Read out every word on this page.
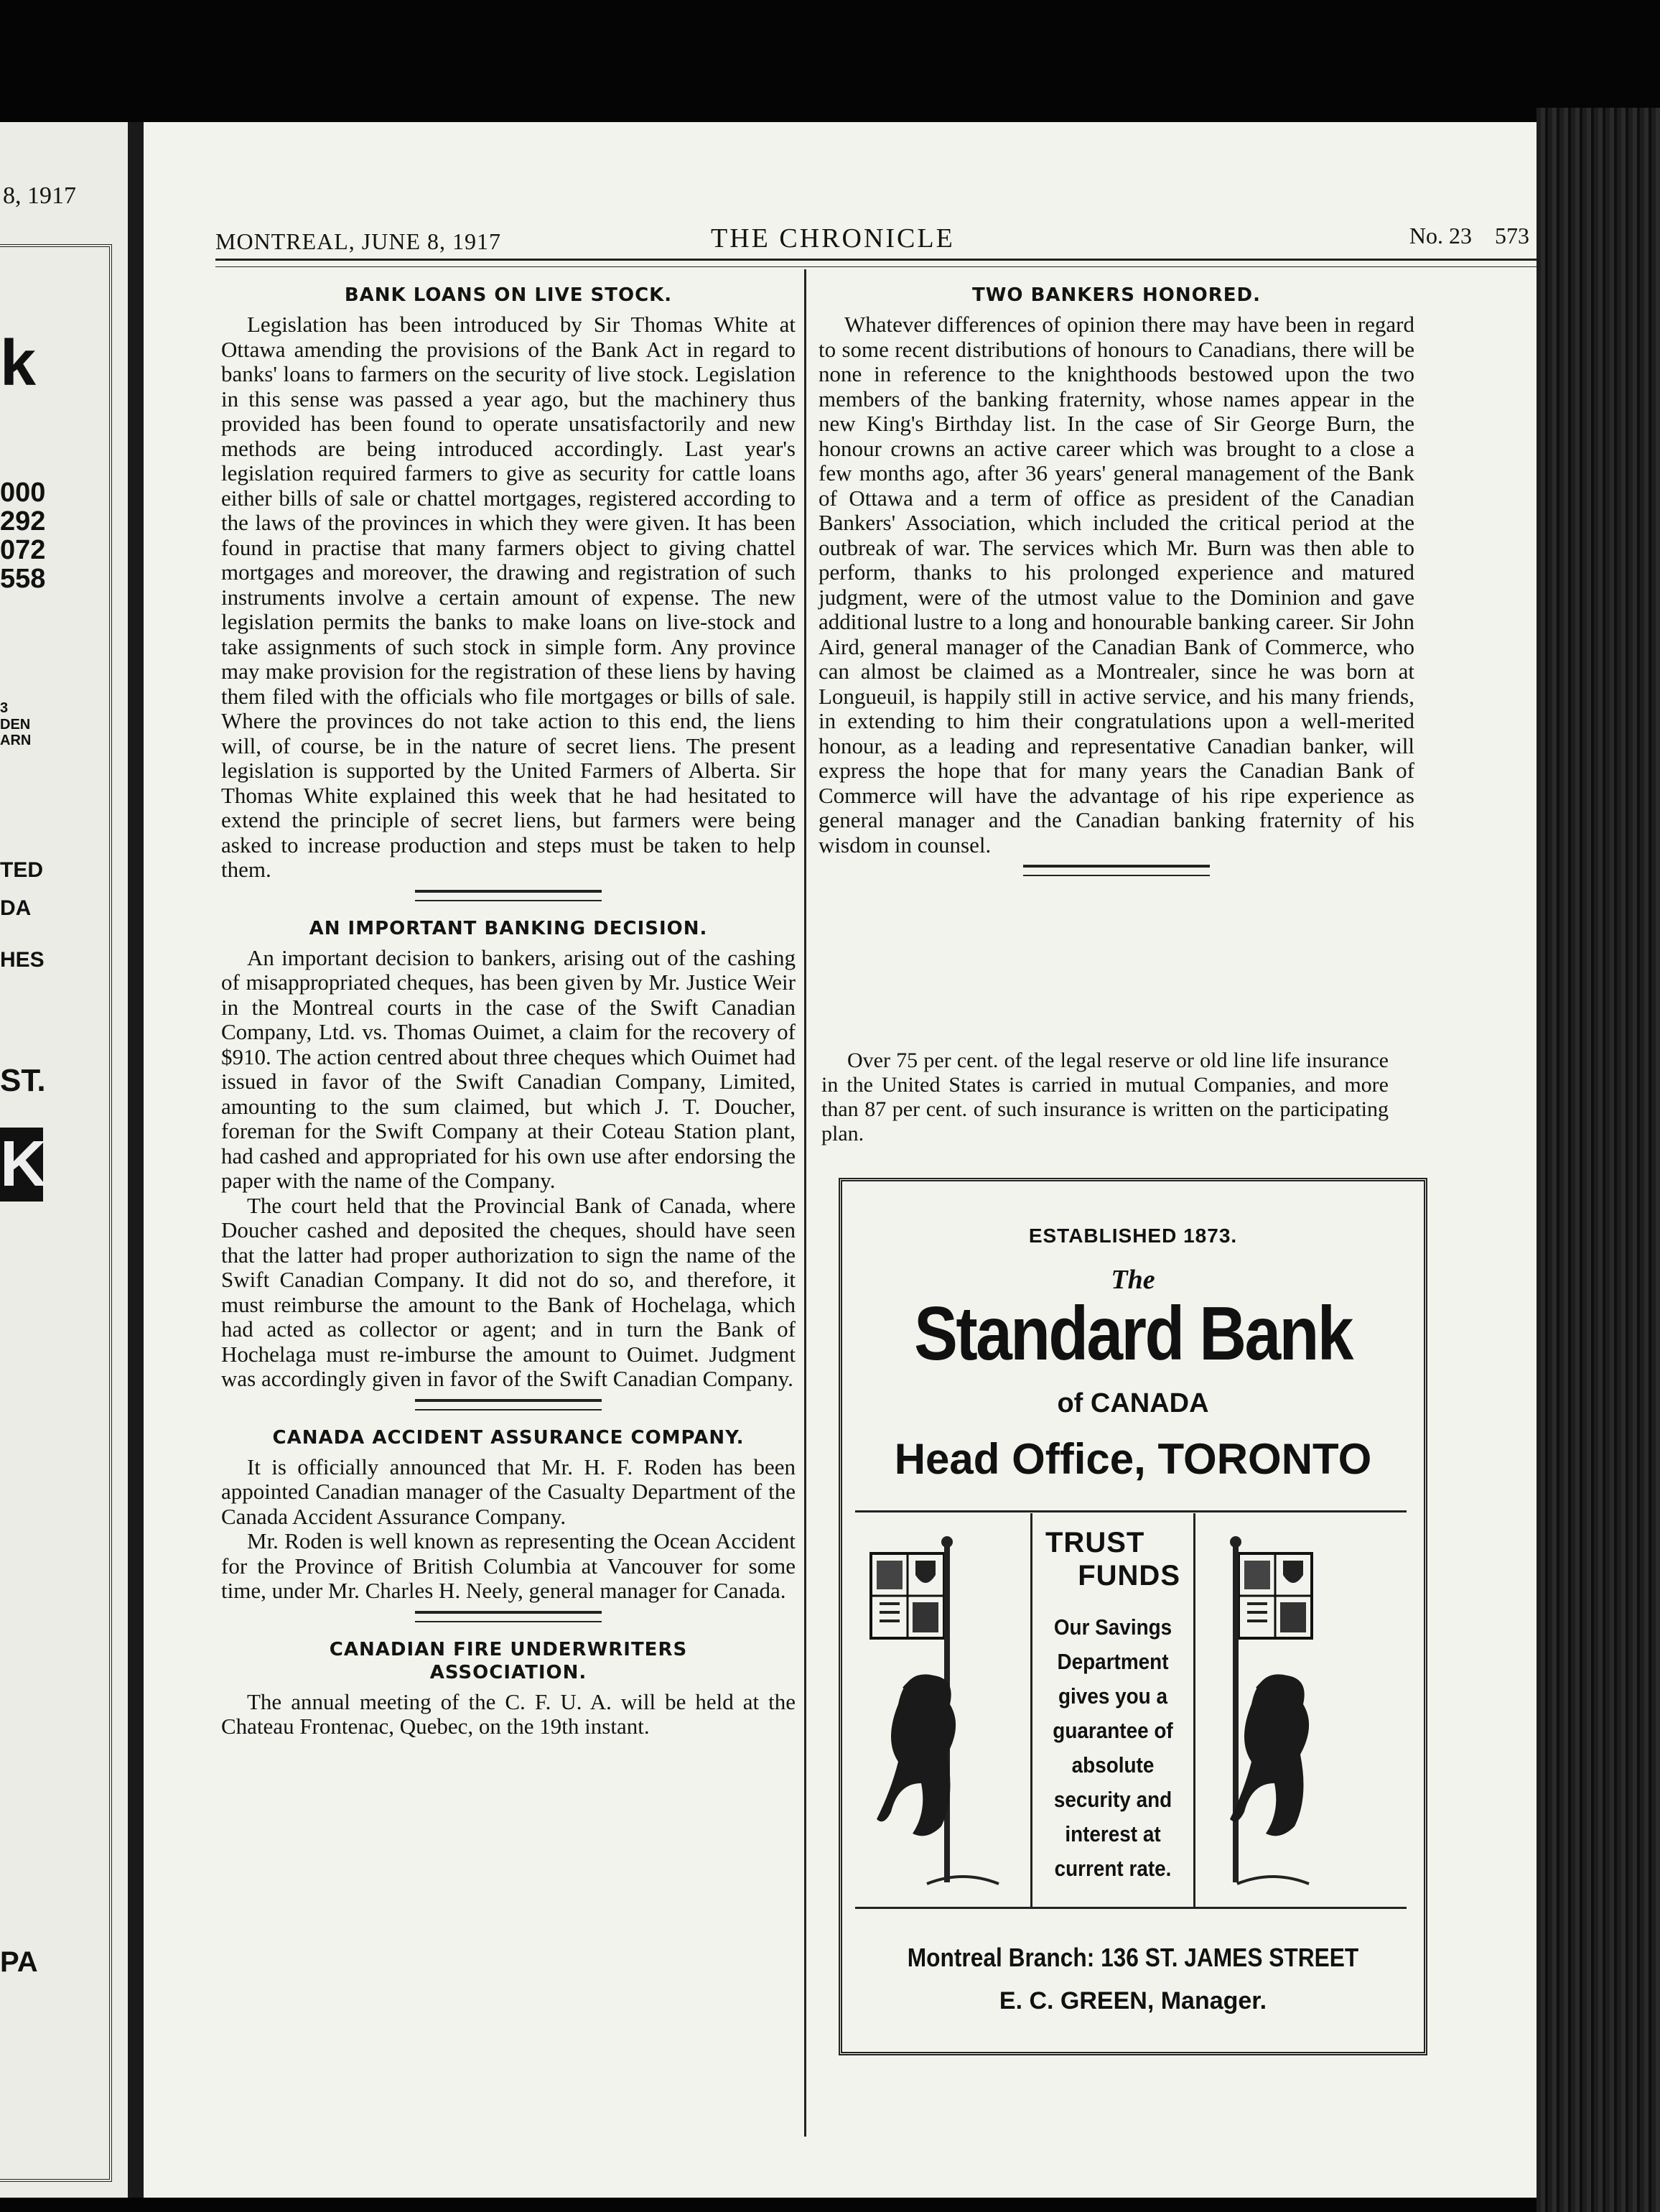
8, 1917
k
000
292
072
558
3
DEN
ARN
TED
DA
HES
ST.
K
PA
MONTREAL, JUNE 8, 1917	THE CHRONICLE	No. 23    573
BANK LOANS ON LIVE STOCK.

Legislation has been introduced by Sir Thomas White at Ottawa amending the provisions of the Bank Act in regard to banks' loans to farmers on the security of live stock. Legislation in this sense was passed a year ago, but the machinery thus provided has been found to operate unsatisfactorily and new methods are being introduced accordingly. Last year's legislation required farmers to give as security for cattle loans either bills of sale or chattel mortgages, registered according to the laws of the provinces in which they were given. It has been found in practise that many farmers object to giving chattel mortgages and moreover, the drawing and registration of such instruments involve a certain amount of expense. The new legislation permits the banks to make loans on live-stock and take assignments of such stock in simple form. Any province may make provision for the registration of these liens by having them filed with the officials who file mortgages or bills of sale. Where the provinces do not take action to this end, the liens will, of course, be in the nature of secret liens. The present legislation is supported by the United Farmers of Alberta. Sir Thomas White explained this week that he had hesitated to extend the principle of secret liens, but farmers were being asked to increase production and steps must be taken to help them.

AN IMPORTANT BANKING DECISION.

An important decision to bankers, arising out of the cashing of misappropriated cheques, has been given by Mr. Justice Weir in the Montreal courts in the case of the Swift Canadian Company, Ltd. vs. Thomas Ouimet, a claim for the recovery of $910. The action centred about three cheques which Ouimet had issued in favor of the Swift Canadian Company, Limited, amounting to the sum claimed, but which J. T. Doucher, foreman for the Swift Company at their Coteau Station plant, had cashed and appropriated for his own use after endorsing the paper with the name of the Company.

The court held that the Provincial Bank of Canada, where Doucher cashed and deposited the cheques, should have seen that the latter had proper authorization to sign the name of the Swift Canadian Company. It did not do so, and therefore, it must reimburse the amount to the Bank of Hochelaga, which had acted as collector or agent; and in turn the Bank of Hochelaga must re-imburse the amount to Ouimet. Judgment was accordingly given in favor of the Swift Canadian Company.

CANADA ACCIDENT ASSURANCE COMPANY.

It is officially announced that Mr. H. F. Roden has been appointed Canadian manager of the Casualty Department of the Canada Accident Assurance Company.

Mr. Roden is well known as representing the Ocean Accident for the Province of British Columbia at Vancouver for some time, under Mr. Charles H. Neely, general manager for Canada.

CANADIAN FIRE UNDERWRITERS ASSOCIATION.

The annual meeting of the C. F. U. A. will be held at the Chateau Frontenac, Quebec, on the 19th instant.

TWO BANKERS HONORED.

Whatever differences of opinion there may have been in regard to some recent distributions of honours to Canadians, there will be none in reference to the knighthoods bestowed upon the two members of the banking fraternity, whose names appear in the new King's Birthday list. In the case of Sir George Burn, the honour crowns an active career which was brought to a close a few months ago, after 36 years' general management of the Bank of Ottawa and a term of office as president of the Canadian Bankers' Association, which included the critical period at the outbreak of war. The services which Mr. Burn was then able to perform, thanks to his prolonged experience and matured judgment, were of the utmost value to the Dominion and gave additional lustre to a long and honourable banking career. Sir John Aird, general manager of the Canadian Bank of Commerce, who can almost be claimed as a Montrealer, since he was born at Longueuil, is happily still in active service, and his many friends, in extending to him their congratulations upon a well-merited honour, as a leading and representative Canadian banker, will express the hope that for many years the Canadian Bank of Commerce will have the advantage of his ripe experience as general manager and the Canadian banking fraternity of his wisdom in counsel.

Over 75 per cent. of the legal reserve or old line life insurance in the United States is carried in mutual Companies, and more than 87 per cent. of such insurance is written on the participating plan.
ESTABLISHED 1873.
The
Standard Bank
of CANADA
Head Office, TORONTO
TRUST
FUNDS
Our Savings
Department
gives you a
guarantee of
absolute
security and
interest at
current rate.
Montreal Branch: 136 ST. JAMES STREET
E. C. GREEN, Manager.
